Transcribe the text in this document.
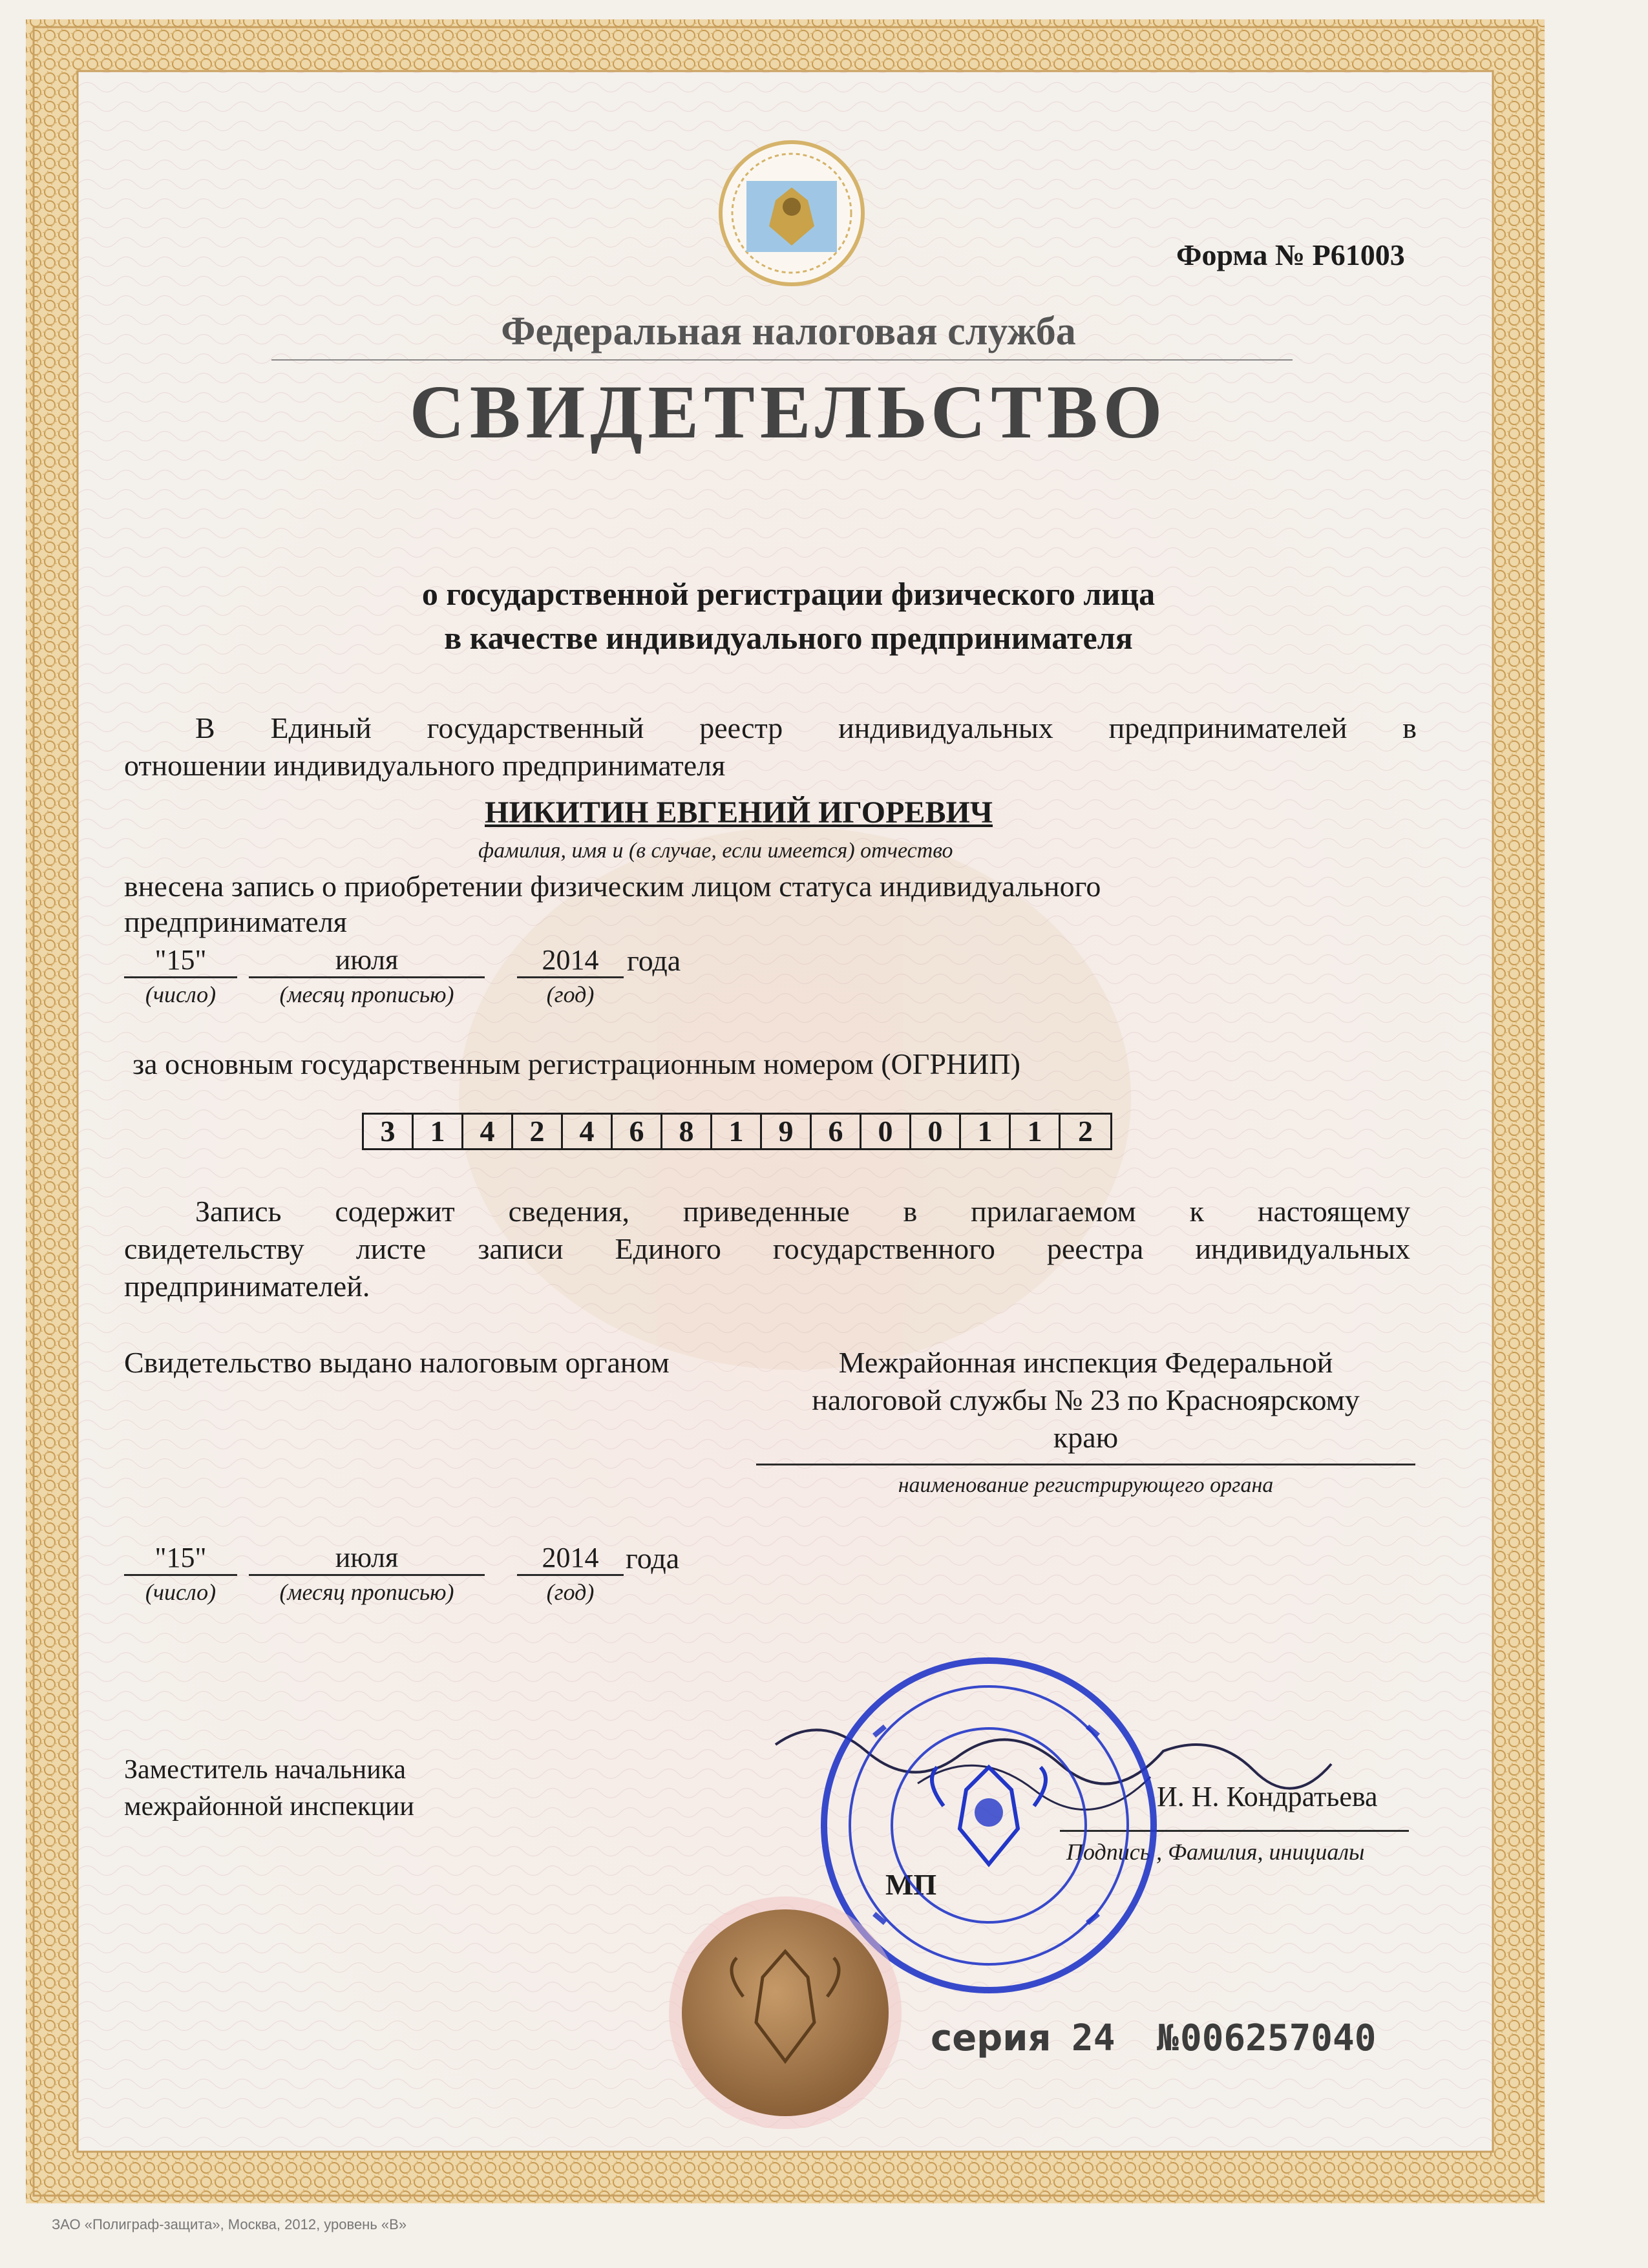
Форма № Р61003
Федеральная налоговая служба
СВИДЕТЕЛЬСТВО
о государственной регистрации физического лица
в качестве индивидуального предпринимателя
В Единый государственный реестр индивидуальных предпринимателей в
отношении индивидуального предпринимателя
НИКИТИН ЕВГЕНИЙ ИГОРЕВИЧ
фамилия, имя и (в случае, если имеется) отчество
внесена запись о приобретении физическим лицом статуса индивидуального
предпринимателя
"15"	июля	2014 года
(число)	(месяц прописью)	(год)
за основным государственным регистрационным номером (ОГРНИП)
3	1	4	2	4	6	8	1	9	6	0	0	1	1	2
Запись содержит сведения, приведенные в прилагаемом к настоящему
свидетельству листе записи Единого государственного реестра индивидуальных
предпринимателей.
Свидетельство выдано налоговым органом	Межрайонная инспекция Федеральной
налоговой службы № 23 по Красноярскому
краю
наименование регистрирующего органа
"15"	июля	2014 года
(число)	(месяц прописью)	(год)
Заместитель начальника
межрайонной инспекции	И. Н. Кондратьева
Подпись , Фамилия, инициалы
МП
серия 24 № 006257040
ЗАО «Полиграф-защита», Москва, 2012, уровень «В»
